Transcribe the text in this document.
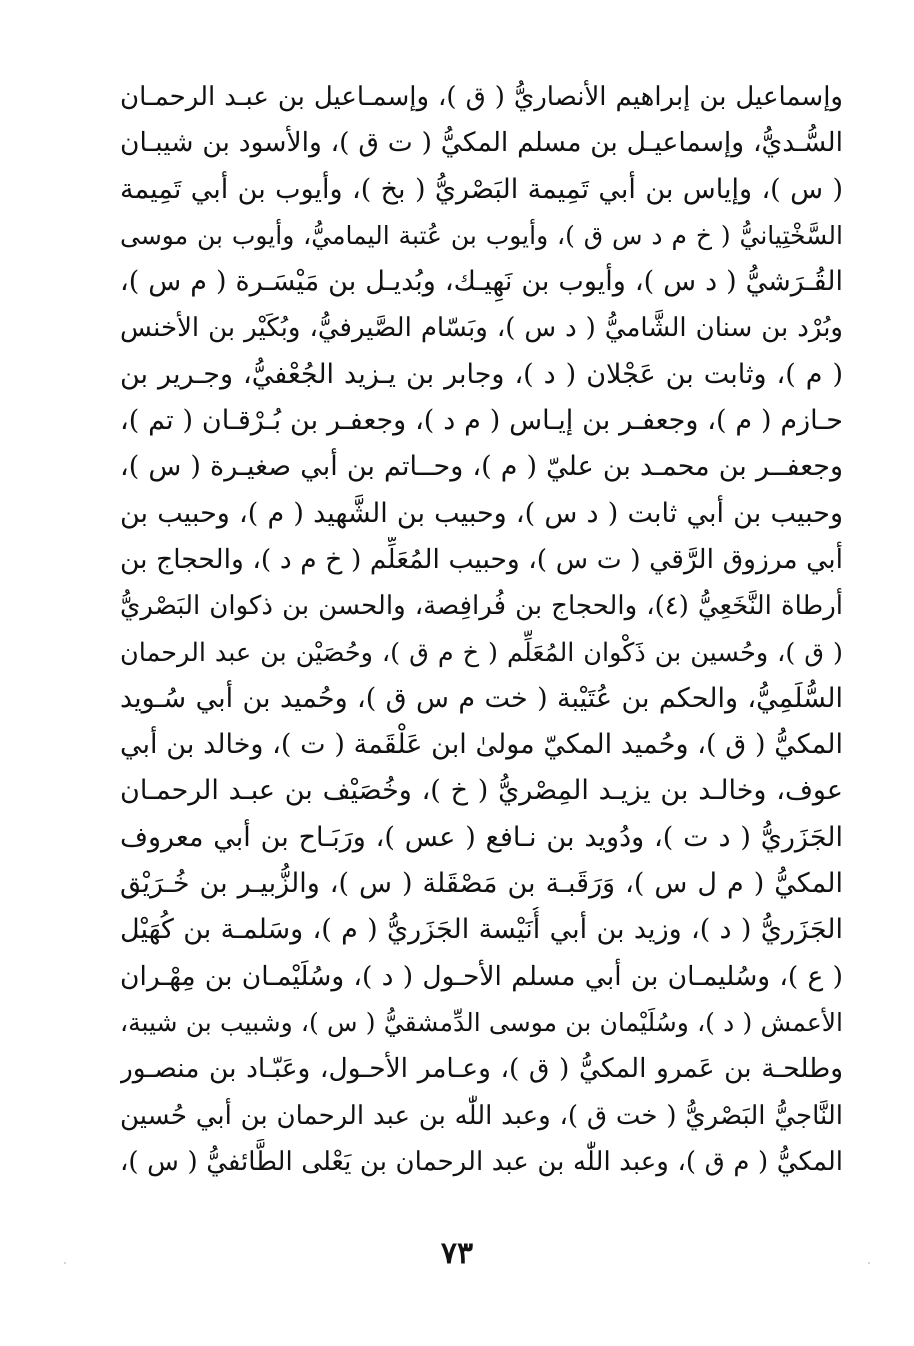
وإسماعيل بن إبراهيم الأنصاريُّ ( ق )، وإسمـاعيل بن عبـد الرحمـان
السُّـديُّ، وإسماعيـل بن مسلم المكيُّ ( ت ق )، والأسود بن شيبـان
( س )، وإياس بن أبي تَمِيمة البَصْريُّ ( بخ )، وأيوب بن أبي تَمِيمة
السَّخْتِيانيُّ ( خ م د س ق )، وأيوب بن عُتبة اليماميُّ، وأيوب بن موسى
القُـرَشيُّ ( د س )، وأيوب بن نَهِيـك، وبُديـل بن مَيْسَـرة ( م س )،
وبُرْد بن سنان الشَّاميُّ ( د س )، وبَسّام الصَّيرفيُّ، وبُكَيْر بن الأخنس
( م )، وثابت بن عَجْلان ( د )، وجابر بن يـزيد الجُعْفيُّ، وجـرير بن
حـازم ( م )، وجعفـر بن إيـاس ( م د )، وجعفـر بن بُـرْقـان ( تم )،
وجعفــر بن محمـد بن عليّ ( م )، وحــاتم بن أبي صغيـرة ( س )،
وحبيب بن أبي ثابت ( د س )، وحبيب بن الشَّهيد ( م )، وحبيب بن
أبي مرزوق الرَّقي ( ت س )، وحبيب المُعَلِّم ( خ م د )، والحجاج بن
أرطاة النَّخَعِيُّ (٤)، والحجاج بن فُرافِصة، والحسن بن ذكوان البَصْريُّ
( ق )، وحُسين بن ذَكْوان المُعَلِّم ( خ م ق )، وحُصَيْن بن عبد الرحمان
السُّلَمِيُّ، والحكم بن عُتَيْبة ( خت م س ق )، وحُميد بن أبي سُـويد
المكيُّ ( ق )، وحُميد المكيّ مولىٰ ابن عَلْقَمة ( ت )، وخالد بن أبي
عوف، وخالـد بن يزيـد المِصْريُّ ( خ )، وخُصَيْف بن عبـد الرحمـان
الجَزَريُّ ( د ت )، ودُويد بن نـافع ( عس )، ورَبَـاح بن أبي معروف
المكيُّ ( م ل س )، وَرَقَبـة بن مَصْقَلة ( س )، والزُّبيـر بن خُـرَيْق
الجَزَريُّ ( د )، وزيد بن أبي أُنَيْسة الجَزَريُّ ( م )، وسَلمـة بن كُهَيْل
( ع )، وسُليمـان بن أبي مسلم الأحـول ( د )، وسُلَيْمـان بن مِهْـران
الأعمش ( د )، وسُلَيْمان بن موسى الدِّمشقيُّ ( س )، وشبيب بن شيبة،
وطلحـة بن عَمرو المكيُّ ( ق )، وعـامر الأحـول، وعَبّـاد بن منصـور
النَّاجيُّ البَصْريُّ ( خت ق )، وعبد اللّٰه بن عبد الرحمان بن أبي حُسين
المكيُّ ( م ق )، وعبد اللّٰه بن عبد الرحمان بن يَعْلى الطَّائفيُّ ( س )،
٧٣
